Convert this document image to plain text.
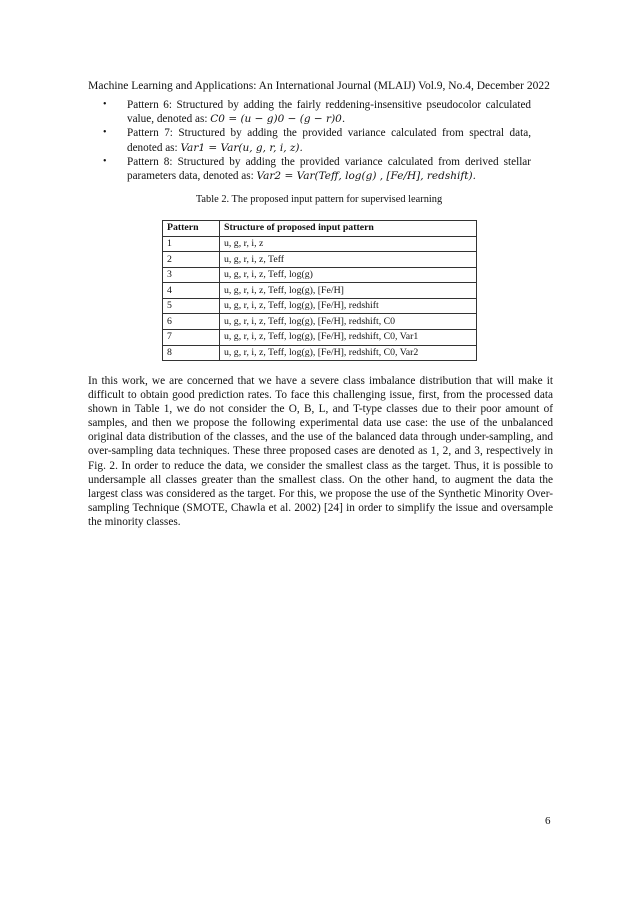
Machine Learning and Applications: An International Journal (MLAIJ) Vol.9, No.4, December 2022
• Pattern 6: Structured by adding the fairly reddening-insensitive pseudocolor calculated value, denoted as: C0 = (u − g)0 − (g − r)0.
• Pattern 7: Structured by adding the provided variance calculated from spectral data, denoted as: Var1 = Var(u, g, r, i, z).
• Pattern 8: Structured by adding the provided variance calculated from derived stellar parameters data, denoted as: Var2 = Var(Teff, log(g) , [Fe/H], redshift).
Table 2. The proposed input pattern for supervised learning
Pattern	Structure of proposed input pattern
1	u, g, r, i, z
2	u, g, r, i, z, Teff
3	u, g, r, i, z, Teff, log(g)
4	u, g, r, i, z, Teff, log(g), [Fe/H]
5	u, g, r, i, z, Teff, log(g), [Fe/H], redshift
6	u, g, r, i, z, Teff, log(g), [Fe/H], redshift, C0
7	u, g, r, i, z, Teff, log(g), [Fe/H], redshift, C0, Var1
8	u, g, r, i, z, Teff, log(g), [Fe/H], redshift, C0, Var2

In this work, we are concerned that we have a severe class imbalance distribution that will make it difficult to obtain good prediction rates. To face this challenging issue, first, from the processed data shown in Table 1, we do not consider the O, B, L, and T-type classes due to their poor amount of samples, and then we propose the following experimental data use case: the use of the unbalanced original data distribution of the classes, and the use of the balanced data through under-sampling, and over-sampling data techniques. These three proposed cases are denoted as 1, 2, and 3, respectively in Fig. 2. In order to reduce the data, we consider the smallest class as the target. Thus, it is possible to undersample all classes greater than the smallest class. On the other hand, to augment the data the largest class was considered as the target. For this, we propose the use of the Synthetic Minority Over-sampling Technique (SMOTE, Chawla et al. 2002) [24] in order to simplify the issue and oversample the minority classes.

6
